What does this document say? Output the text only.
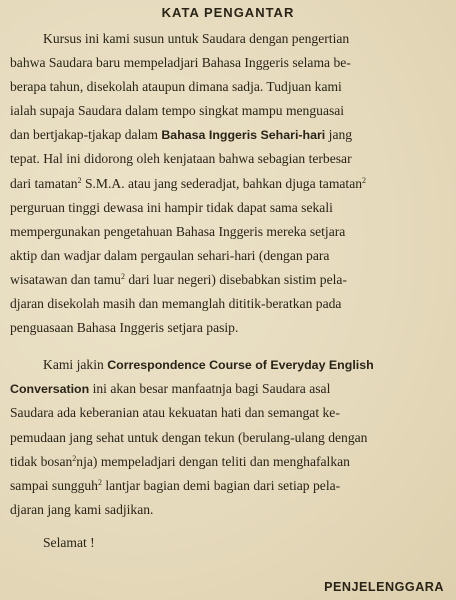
KATA PENGANTAR

Kursus ini kami susun untuk Saudara dengan pengertian
bahwa Saudara baru mempeladjari Bahasa Inggeris selama be-
berapa tahun, disekolah ataupun dimana sadja. Tudjuan kami
ialah supaja Saudara dalam tempo singkat mampu menguasai
dan bertjakap-tjakap dalam Bahasa Inggeris Sehari-hari jang
tepat. Hal ini didorong oleh kenjataan bahwa sebagian terbesar
dari tamatan$^2$ S.M.A. atau jang sederadjat, bahkan djuga tamatan$^2$
perguruan tinggi dewasa ini hampir tidak dapat sama sekali
mempergunakan pengetahuan Bahasa Inggeris mereka setjara
aktip dan wadjar dalam pergaulan sehari-hari (dengan para
wisatawan dan tamu$^2$ dari luar negeri) disebabkan sistim pela-
djaran disekolah masih dan memanglah dititik-beratkan pada
penguasaan Bahasa Inggeris setjara pasip.

Kami jakin Correspondence Course of Everyday English
Conversation ini akan besar manfaatnja bagi Saudara asal
Saudara ada keberanian atau kekuatan hati dan semangat ke-
pemudaan jang sehat untuk dengan tekun (berulang-ulang dengan
tidak bosan$^2$nja) mempeladjari dengan teliti dan menghafalkan
sampai sungguh$^2$ lantjar bagian demi bagian dari setiap pela-
djaran jang kami sadjikan.

Selamat !
PENJELENGGARA
